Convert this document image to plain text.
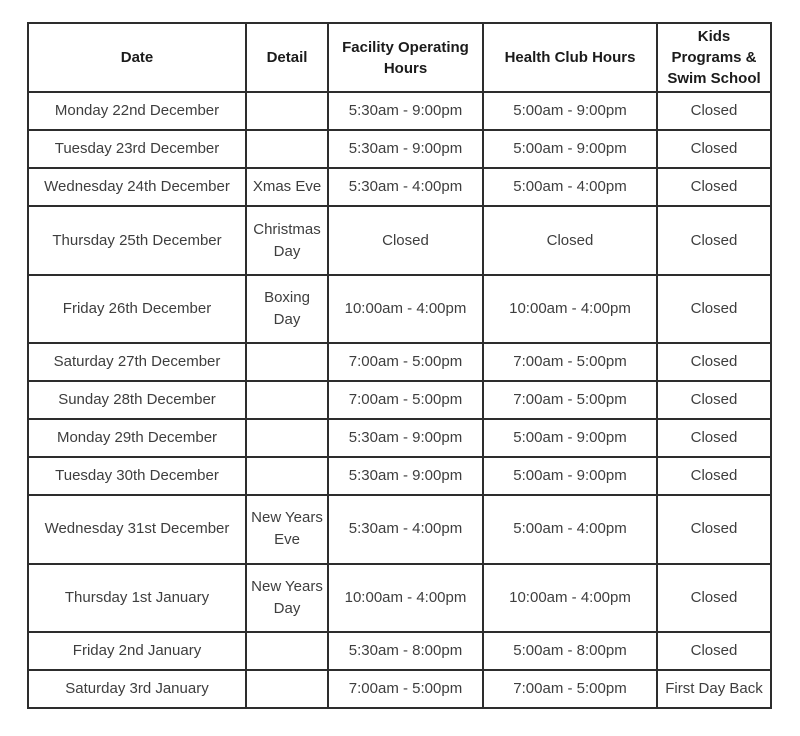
Date	Detail	Facility Operating Hours	Health Club Hours	Kids Programs & Swim School
Monday 22nd December		5:30am - 9:00pm	5:00am - 9:00pm	Closed
Tuesday 23rd December		5:30am - 9:00pm	5:00am - 9:00pm	Closed
Wednesday 24th December	Xmas Eve	5:30am - 4:00pm	5:00am - 4:00pm	Closed
Thursday 25th December	Christmas Day	Closed	Closed	Closed
Friday 26th December	Boxing Day	10:00am - 4:00pm	10:00am - 4:00pm	Closed
Saturday 27th December		7:00am - 5:00pm	7:00am - 5:00pm	Closed
Sunday 28th December		7:00am - 5:00pm	7:00am - 5:00pm	Closed
Monday 29th December		5:30am - 9:00pm	5:00am - 9:00pm	Closed
Tuesday 30th December		5:30am - 9:00pm	5:00am - 9:00pm	Closed
Wednesday 31st December	New Years Eve	5:30am - 4:00pm	5:00am - 4:00pm	Closed
Thursday 1st January	New Years Day	10:00am - 4:00pm	10:00am - 4:00pm	Closed
Friday 2nd January		5:30am - 8:00pm	5:00am - 8:00pm	Closed
Saturday 3rd January		7:00am - 5:00pm	7:00am - 5:00pm	First Day Back
